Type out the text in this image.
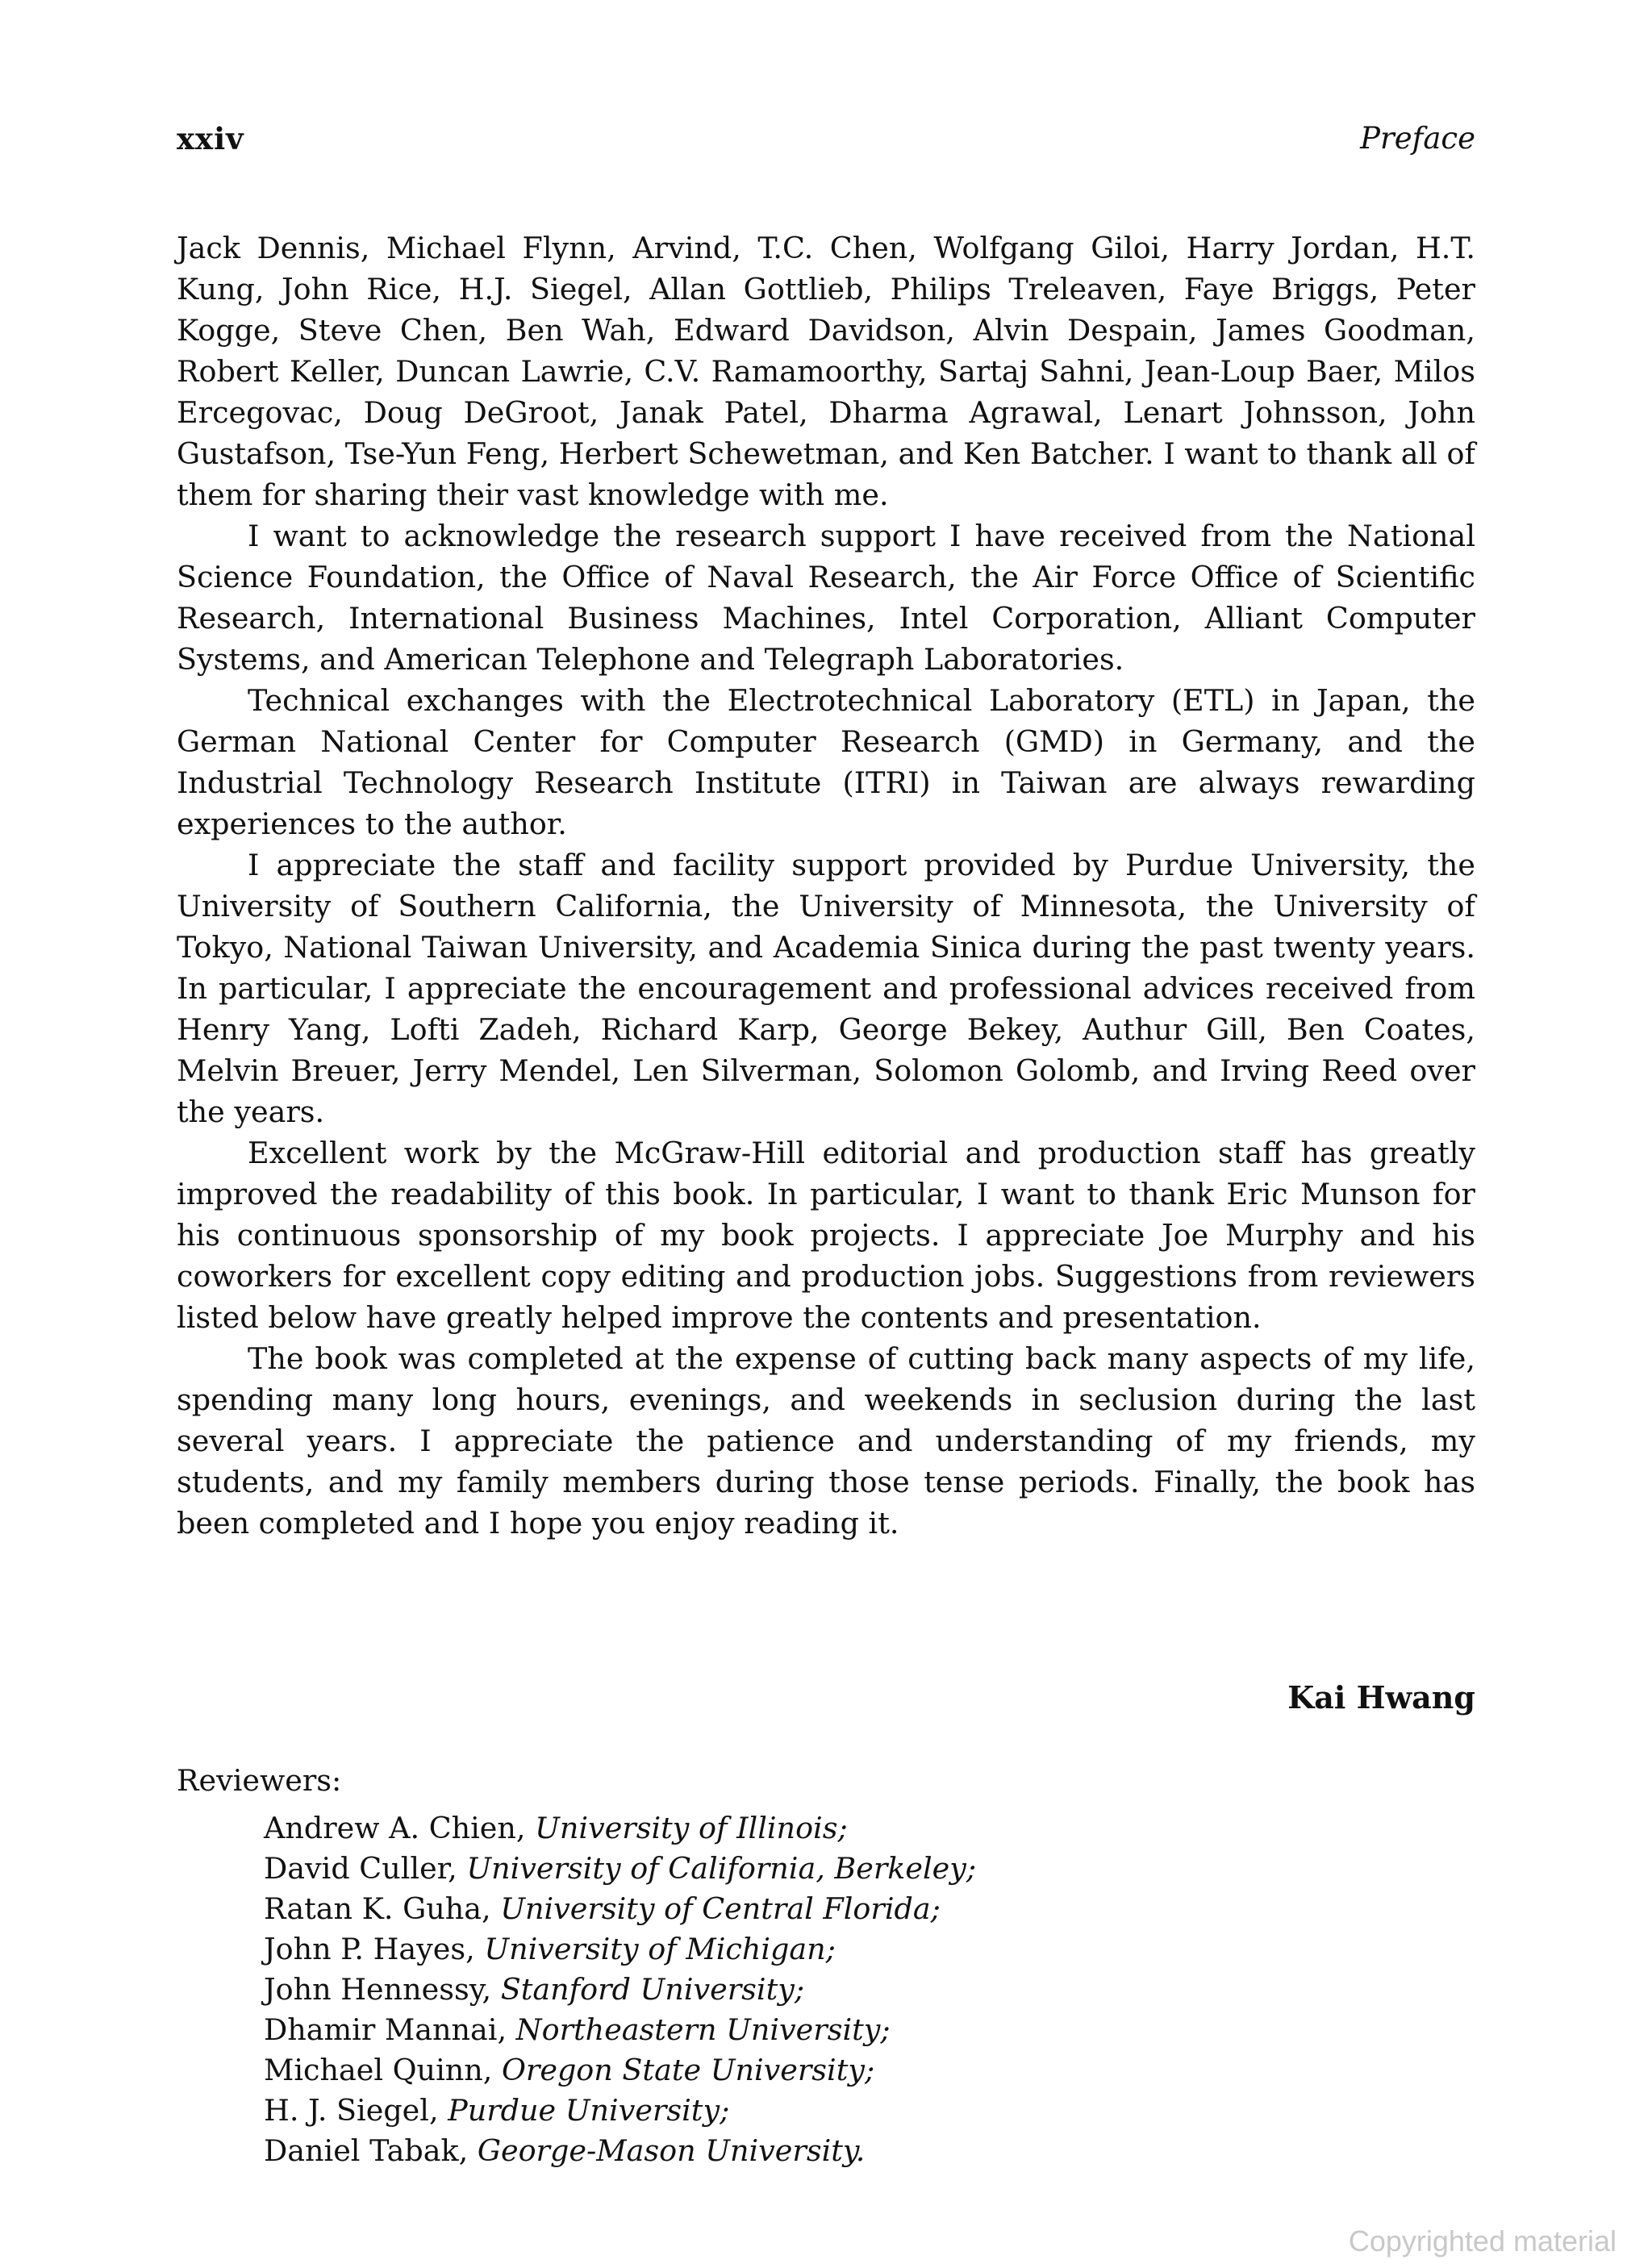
xxiv	Preface

Jack Dennis, Michael Flynn, Arvind, T.C. Chen, Wolfgang Giloi, Harry Jordan, H.T. Kung, John Rice, H.J. Siegel, Allan Gottlieb, Philips Treleaven, Faye Briggs, Peter Kogge, Steve Chen, Ben Wah, Edward Davidson, Alvin Despain, James Goodman, Robert Keller, Duncan Lawrie, C.V. Ramamoorthy, Sartaj Sahni, Jean-Loup Baer, Milos Ercegovac, Doug DeGroot, Janak Patel, Dharma Agrawal, Lenart Johnsson, John Gustafson, Tse-Yun Feng, Herbert Schewetman, and Ken Batcher. I want to thank all of them for sharing their vast knowledge with me.

I want to acknowledge the research support I have received from the National Science Foundation, the Office of Naval Research, the Air Force Office of Scientific Research, International Business Machines, Intel Corporation, Alliant Computer Systems, and American Telephone and Telegraph Laboratories.

Technical exchanges with the Electrotechnical Laboratory (ETL) in Japan, the German National Center for Computer Research (GMD) in Germany, and the Industrial Technology Research Institute (ITRI) in Taiwan are always rewarding experiences to the author.

I appreciate the staff and facility support provided by Purdue University, the University of Southern California, the University of Minnesota, the University of Tokyo, National Taiwan University, and Academia Sinica during the past twenty years. In particular, I appreciate the encouragement and professional advices received from Henry Yang, Lofti Zadeh, Richard Karp, George Bekey, Authur Gill, Ben Coates, Melvin Breuer, Jerry Mendel, Len Silverman, Solomon Golomb, and Irving Reed over the years.

Excellent work by the McGraw-Hill editorial and production staff has greatly improved the readability of this book. In particular, I want to thank Eric Munson for his continuous sponsorship of my book projects. I appreciate Joe Murphy and his coworkers for excellent copy editing and production jobs. Suggestions from reviewers listed below have greatly helped improve the contents and presentation.

The book was completed at the expense of cutting back many aspects of my life, spending many long hours, evenings, and weekends in seclusion during the last several years. I appreciate the patience and understanding of my friends, my students, and my family members during those tense periods. Finally, the book has been completed and I hope you enjoy reading it.

Kai Hwang
Reviewers:
Andrew A. Chien, University of Illinois;
David Culler, University of California, Berkeley;
Ratan K. Guha, University of Central Florida;
John P. Hayes, University of Michigan;
John Hennessy, Stanford University;
Dhamir Mannai, Northeastern University;
Michael Quinn, Oregon State University;
H. J. Siegel, Purdue University;
Daniel Tabak, George-Mason University.
Copyrighted material
